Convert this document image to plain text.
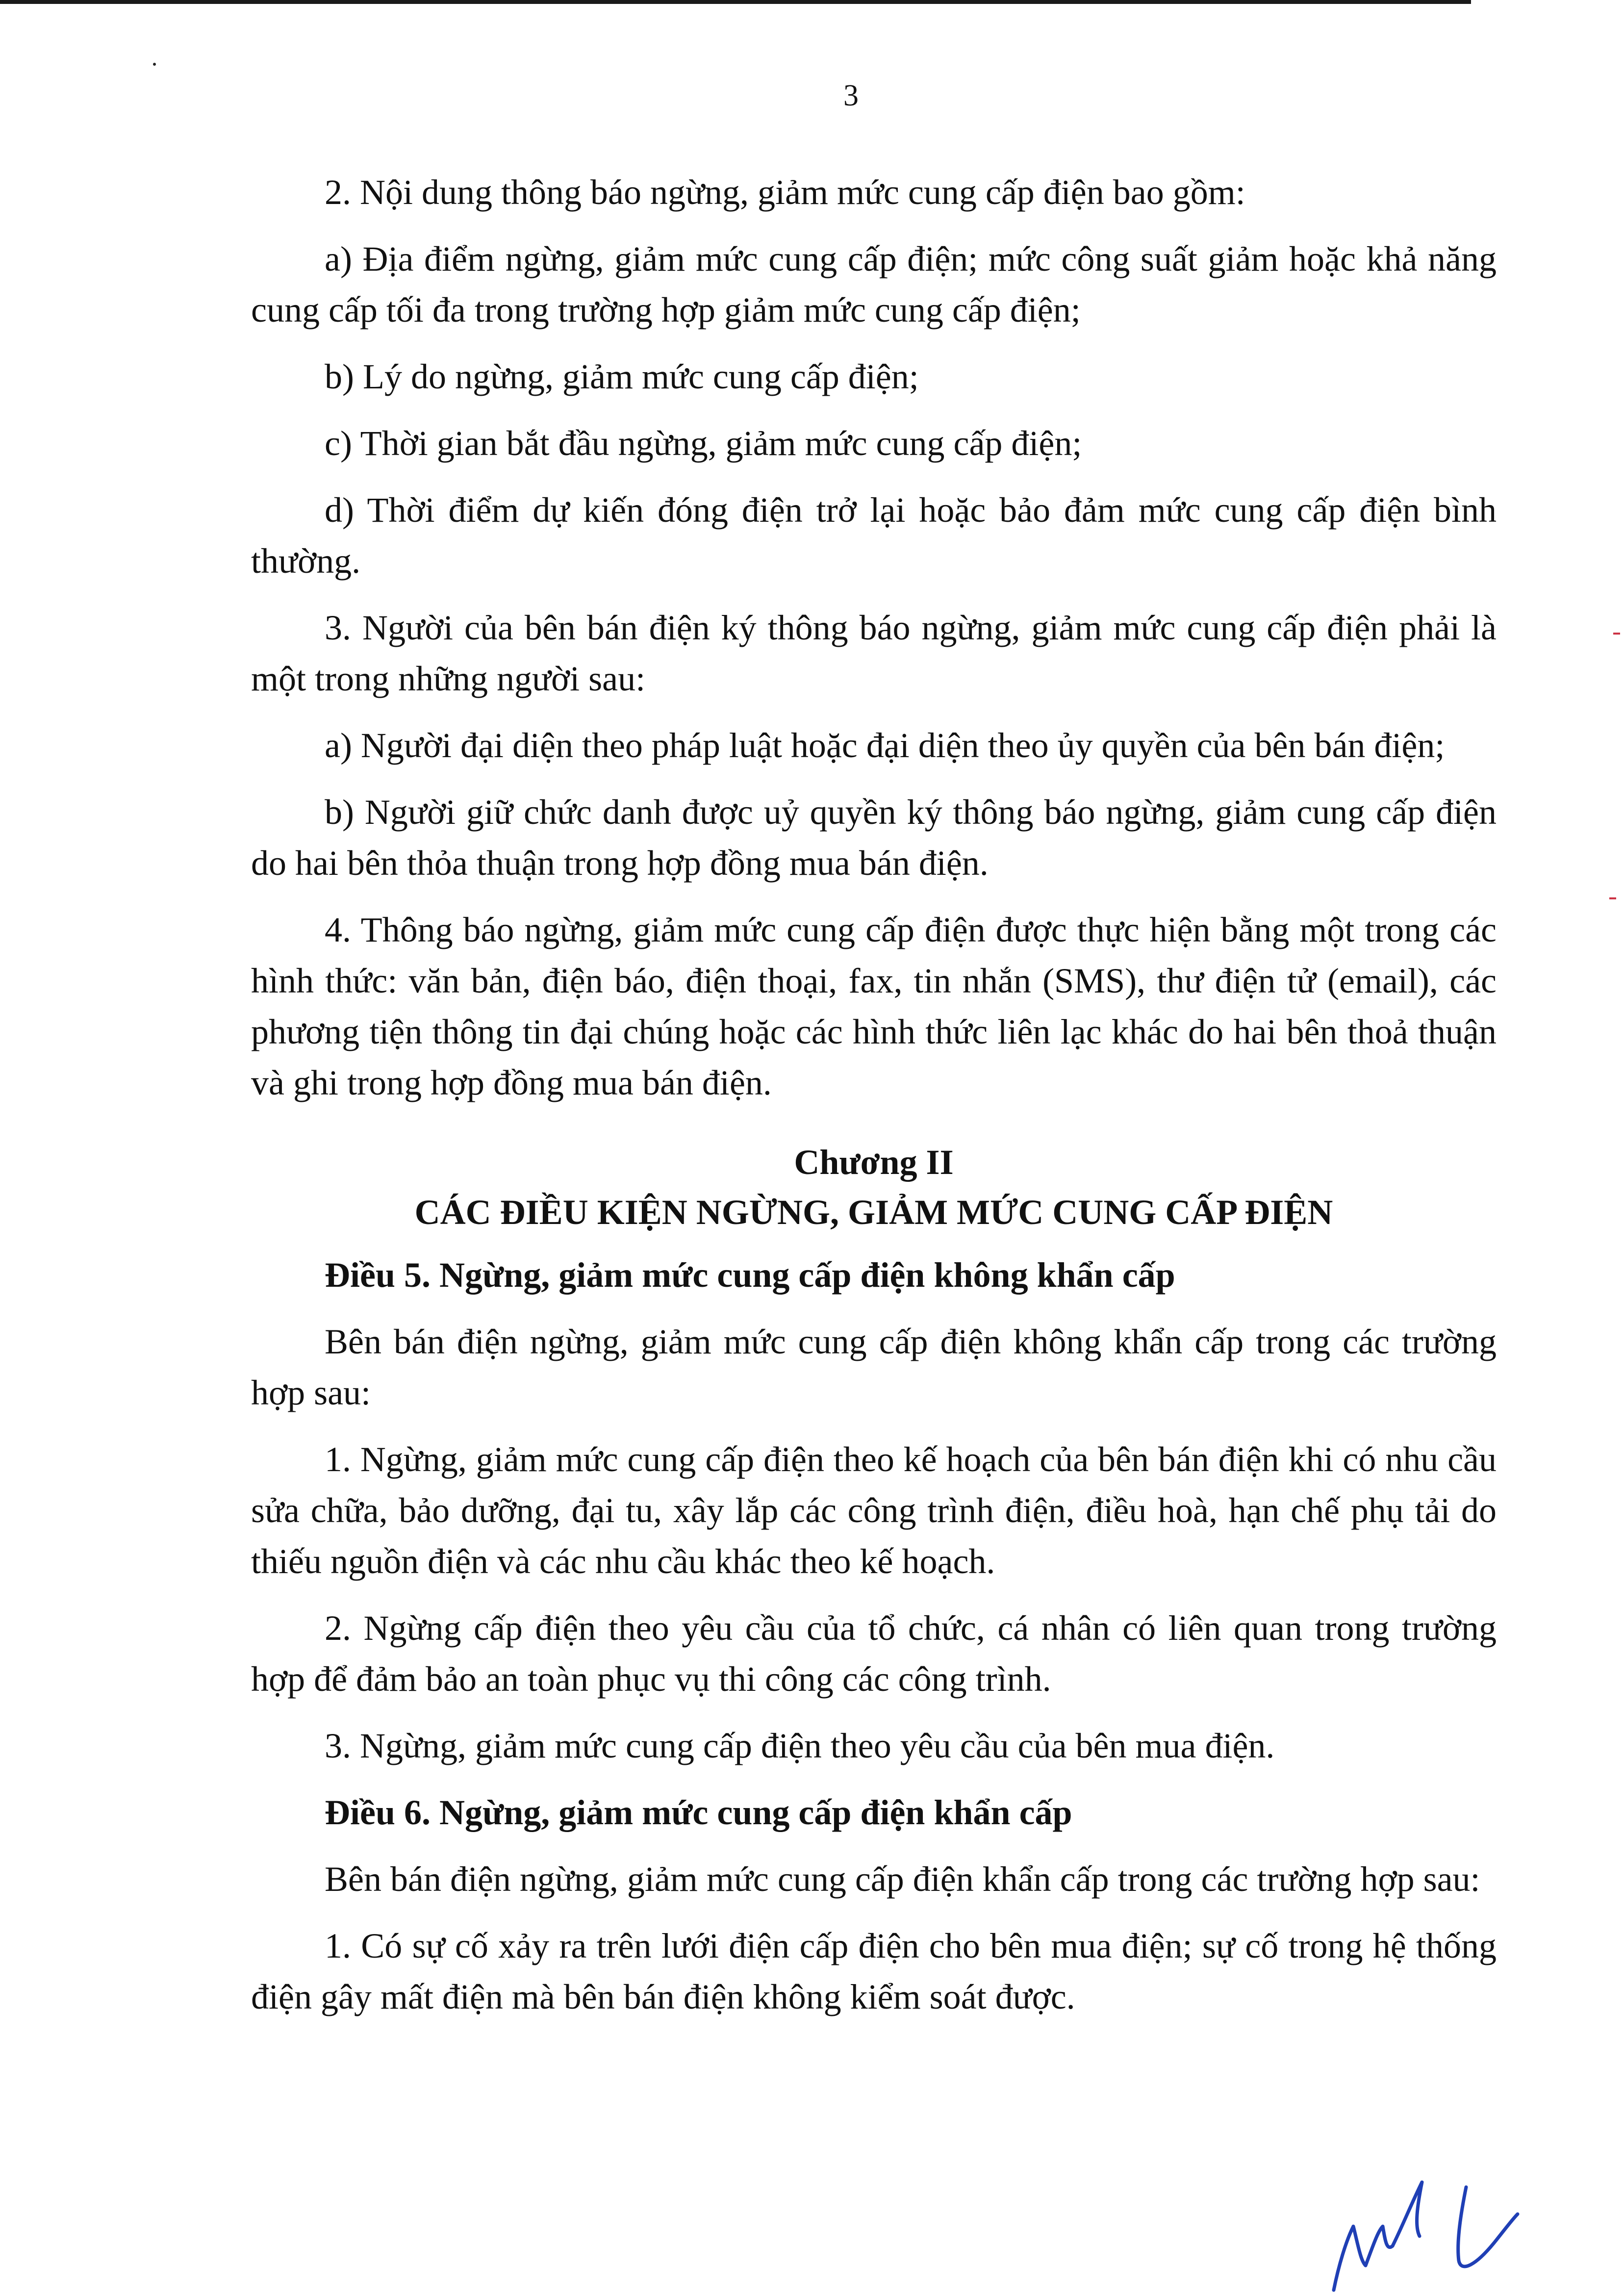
3

2. Nội dung thông báo ngừng, giảm mức cung cấp điện bao gồm:

a) Địa điểm ngừng, giảm mức cung cấp điện; mức công suất giảm hoặc khả năng cung cấp tối đa trong trường hợp giảm mức cung cấp điện;

b) Lý do ngừng, giảm mức cung cấp điện;

c) Thời gian bắt đầu ngừng, giảm mức cung cấp điện;

d) Thời điểm dự kiến đóng điện trở lại hoặc bảo đảm mức cung cấp điện bình thường.

3. Người của bên bán điện ký thông báo ngừng, giảm mức cung cấp điện phải là một trong những người sau:

a) Người đại diện theo pháp luật hoặc đại diện theo ủy quyền của bên bán điện;

b) Người giữ chức danh được uỷ quyền ký thông báo ngừng, giảm cung cấp điện do hai bên thỏa thuận trong hợp đồng mua bán điện.

4. Thông báo ngừng, giảm mức cung cấp điện được thực hiện bằng một trong các hình thức: văn bản, điện báo, điện thoại, fax, tin nhắn (SMS), thư điện tử (email), các phương tiện thông tin đại chúng hoặc các hình thức liên lạc khác do hai bên thoả thuận và ghi trong hợp đồng mua bán điện.

Chương II

CÁC ĐIỀU KIỆN NGỪNG, GIẢM MỨC CUNG CẤP ĐIỆN

Điều 5. Ngừng, giảm mức cung cấp điện không khẩn cấp

Bên bán điện ngừng, giảm mức cung cấp điện không khẩn cấp trong các trường hợp sau:

1. Ngừng, giảm mức cung cấp điện theo kế hoạch của bên bán điện khi có nhu cầu sửa chữa, bảo dưỡng, đại tu, xây lắp các công trình điện, điều hoà, hạn chế phụ tải do thiếu nguồn điện và các nhu cầu khác theo kế hoạch.

2. Ngừng cấp điện theo yêu cầu của tổ chức, cá nhân có liên quan trong trường hợp để đảm bảo an toàn phục vụ thi công các công trình.

3. Ngừng, giảm mức cung cấp điện theo yêu cầu của bên mua điện.

Điều 6. Ngừng, giảm mức cung cấp điện khẩn cấp

Bên bán điện ngừng, giảm mức cung cấp điện khẩn cấp trong các trường hợp sau:

1. Có sự cố xảy ra trên lưới điện cấp điện cho bên mua điện; sự cố trong hệ thống điện gây mất điện mà bên bán điện không kiểm soát được.
